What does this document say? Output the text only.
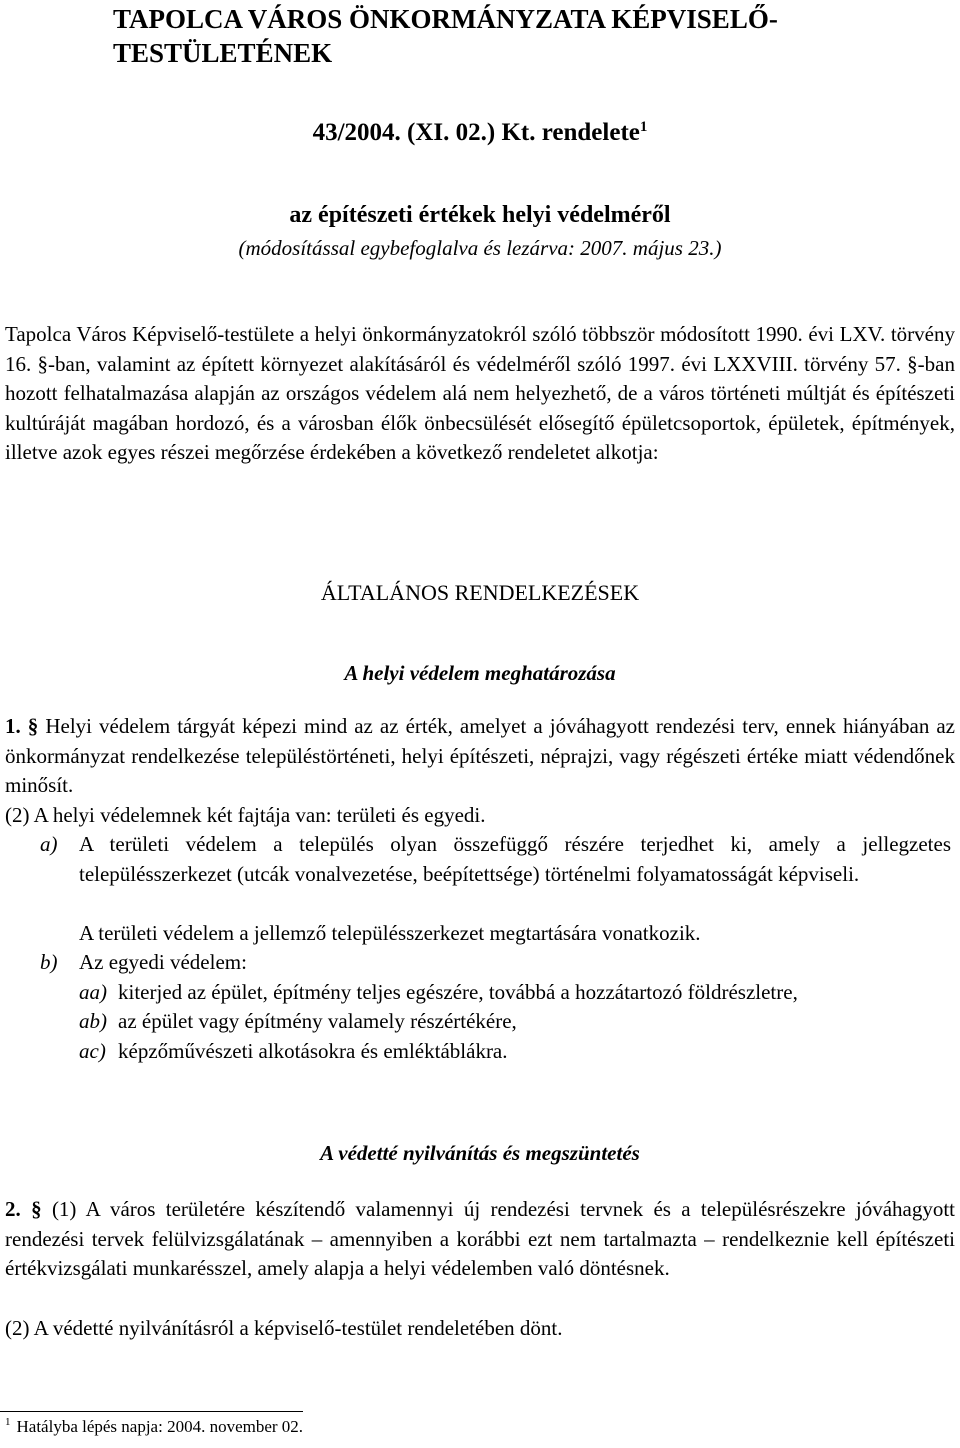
TAPOLCA VÁROS ÖNKORMÁNYZATA KÉPVISELŐ-TESTÜLETÉNEK
43/2004. (XI. 02.) Kt. rendelete$^1$
az építészeti értékek helyi védelméről
(módosítással egybefoglalva és lezárva: 2007. május 23.)
Tapolca Város Képviselő-testülete a helyi önkormányzatokról szóló többször módosított 1990. évi LXV. törvény 16. §-ban, valamint az épített környezet alakításáról és védelméről szóló 1997. évi LXXVIII. törvény 57. §-ban hozott felhatalmazása alapján az országos védelem alá nem helyezhető, de a város történeti múltját és építészeti kultúráját magában hordozó, és a városban élők önbecsülését elősegítő épületcsoportok, épületek, építmények, illetve azok egyes részei megőrzése érdekében a következő rendeletet alkotja:
ÁLTALÁNOS RENDELKEZÉSEK
A helyi védelem meghatározása
1. § Helyi védelem tárgyát képezi mind az az érték, amelyet a jóváhagyott rendezési terv, ennek hiányában az önkormányzat rendelkezése településtörténeti, helyi építészeti, néprajzi, vagy régészeti értéke miatt védendőnek minősít.
(2) A helyi védelemnek két fajtája van: területi és egyedi.
a) A területi védelem a település olyan összefüggő részére terjedhet ki, amely a jellegzetes településszerkezet (utcák vonalvezetése, beépítettsége) történelmi folyamatosságát képviseli.
A területi védelem a jellemző településszerkezet megtartására vonatkozik.
b) Az egyedi védelem:
aa) kiterjed az épület, építmény teljes egészére, továbbá a hozzátartozó földrészletre,
ab) az épület vagy építmény valamely részértékére,
ac) képzőművészeti alkotásokra és emléktáblákra.
A védetté nyilvánítás és megszüntetés
2. § (1) A város területére készítendő valamennyi új rendezési tervnek és a településrészekre jóváhagyott rendezési tervek felülvizsgálatának – amennyiben a korábbi ezt nem tartalmazta – rendelkeznie kell építészeti értékvizsgálati munkarésszel, amely alapja a helyi védelemben való döntésnek.
(2) A védetté nyilvánításról a képviselő-testület rendeletében dönt.
$^1$ Hatályba lépés napja: 2004. november 02.
